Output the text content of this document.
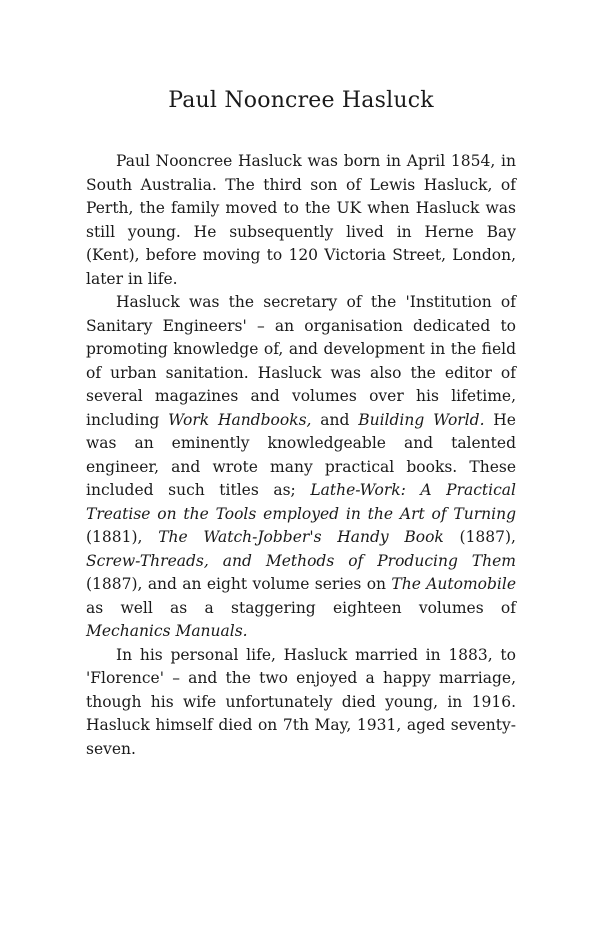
Paul Nooncree Hasluck

Paul Nooncree Hasluck was born in April 1854, in South Australia. The third son of Lewis Hasluck, of Perth, the family moved to the UK when Hasluck was still young. He subsequently lived in Herne Bay (Kent), before moving to 120 Victoria Street, London, later in life.

Hasluck was the secretary of the 'Institution of Sanitary Engineers' – an organisation dedicated to promoting knowledge of, and development in the field of urban sanitation. Hasluck was also the editor of several magazines and volumes over his lifetime, including Work Handbooks, and Building World. He was an eminently knowledgeable and talented engineer, and wrote many practical books. These included such titles as; Lathe-Work: A Practical Treatise on the Tools employed in the Art of Turning (1881), The Watch-Jobber's Handy Book (1887), Screw-Threads, and Methods of Producing Them (1887), and an eight volume series on The Automobile as well as a staggering eighteen volumes of Mechanics Manuals.

In his personal life, Hasluck married in 1883, to 'Florence' – and the two enjoyed a happy marriage, though his wife unfortunately died young, in 1916. Hasluck himself died on 7th May, 1931, aged seventy-seven.
